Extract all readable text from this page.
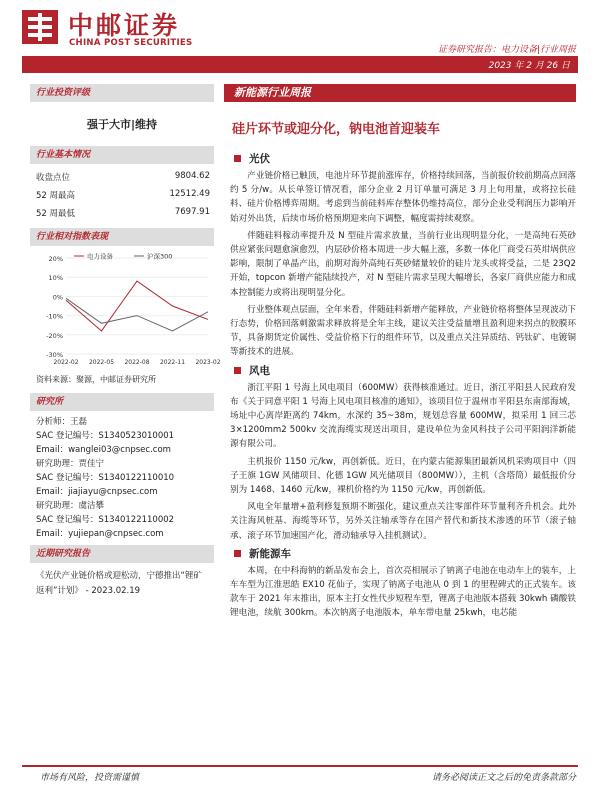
中邮证券
CHINA POST SECURITIES
证券研究报告：电力设备|行业周报
2023 年 2 月 26 日
行业投资评级
强于大市|维持
行业基本情况
收盘点位	9804.62
52 周最高	12512.49
52 周最低	7697.91
行业相对指数表现
20%
10%
0%
-10%
-20%
-30%
2022-02 2022-05 2022-08 2022-11 2023-02
电力设备	沪深300
资料来源：聚源，中邮证券研究所
研究所
分析师：王磊
SAC 登记编号：S1340523010001
Email：wanglei03@cnpsec.com
研究助理：贾佳宁
SAC 登记编号：S1340122110010
Email：jiajiayu@cnpsec.com
研究助理：虞洁攀
SAC 登记编号：S1340122110002
Email：yujiepan@cnpsec.com
近期研究报告
《光伏产业链价格或迎松动，宁德推出“锂矿返利”计划》 - 2023.02.19
新能源行业周报
硅片环节或迎分化，钠电池首迎装车
光伏

产业链价格已触顶，电池片环节提前涨库存，价格持续回落，当前报价较前期高点回落约 5 分/w。从长单签订情况看，部分企业 2 月订单量可满足 3 月上旬用量，或将拉长硅料、硅片价格博弈周期。考虑到当前硅料库存整体仍维持高位，部分企业受利润压力影响开始对外出货，后续市场价格预期迎来向下调整，幅度需持续观察。

伴随硅料稼动率提升及 N 型硅片需求放量，当前行业出现明显分化，一是高纯石英砂供应紧张问题愈演愈烈，内层砂价格本周进一步大幅上涨，多数一体化厂商受石英坩埚供应影响，限制了单晶产出，前期对海外高纯石英砂储量较价的硅片龙头或将受益，二是 23Q2 开始，topcon 新增产能陆续投产，对 N 型硅片需求呈现大幅增长，各家厂商供应能力和成本控制能力或将出现明显分化。

行业整体观点层面，全年来看，伴随硅料新增产能释放，产业链价格将整体呈现波动下行态势，价格回落刺激需求释放将是全年主线，建议关注受益量增且盈利迎来拐点的胶膜环节，具备期货定价属性、受益价格下行的组件环节，以及重点关注异质结、钙钛矿、电镀铜等新技术的进展。

风电

浙江平阳 1 号海上风电项目（600MW）获得核准通过。近日，浙江平阳县人民政府发布《关于同意平阳 1 号海上风电项目核准的通知》，该项目位于温州市平阳县东南部海域，场址中心离岸距离约 74km，水深约 35~38m，规划总容量 600MW，拟采用 1 回三芯 3×1200mm2 500kv 交流海缆实现送出项目，建设单位为金风科技子公司平阳润洋新能源有限公司。

主机报价 1150 元/kw，再创新低。近日，在内蒙古能源集团最新风机采购项目中（四子王旗 1GW 风储项目、化德 1GW 风光储项目（800MW）），主机（含塔筒）最低报价分别为 1468、1460 元/kw，裸机价格约为 1150 元/kw，再创新低。

风电全年量增+盈利修复预期不断强化，建议重点关注零部件环节量利齐升机会。此外关注海风桩基、海缆等环节，另外关注轴承等存在国产替代和新技术渗透的环节（滚子轴承、滚子环节加速国产化，滑动轴承导入挂机测试）。

新能源车

本周，在中科海钠的新品发布会上，首次亮相展示了钠离子电池在电动车上的装车，上车车型为江淮思皓 EX10 花仙子，实现了钠离子电池从 0 到 1 的里程碑式的正式装车。该款车于 2021 年末推出，原本主打女性代步短程车型，锂离子电池版本搭载 30kwh 磷酸铁锂电池，续航 300km。本次钠离子电池版本，单车带电量 25kwh，电芯能

市场有风险，投资需谨慎	请务必阅读正文之后的免责条款部分
